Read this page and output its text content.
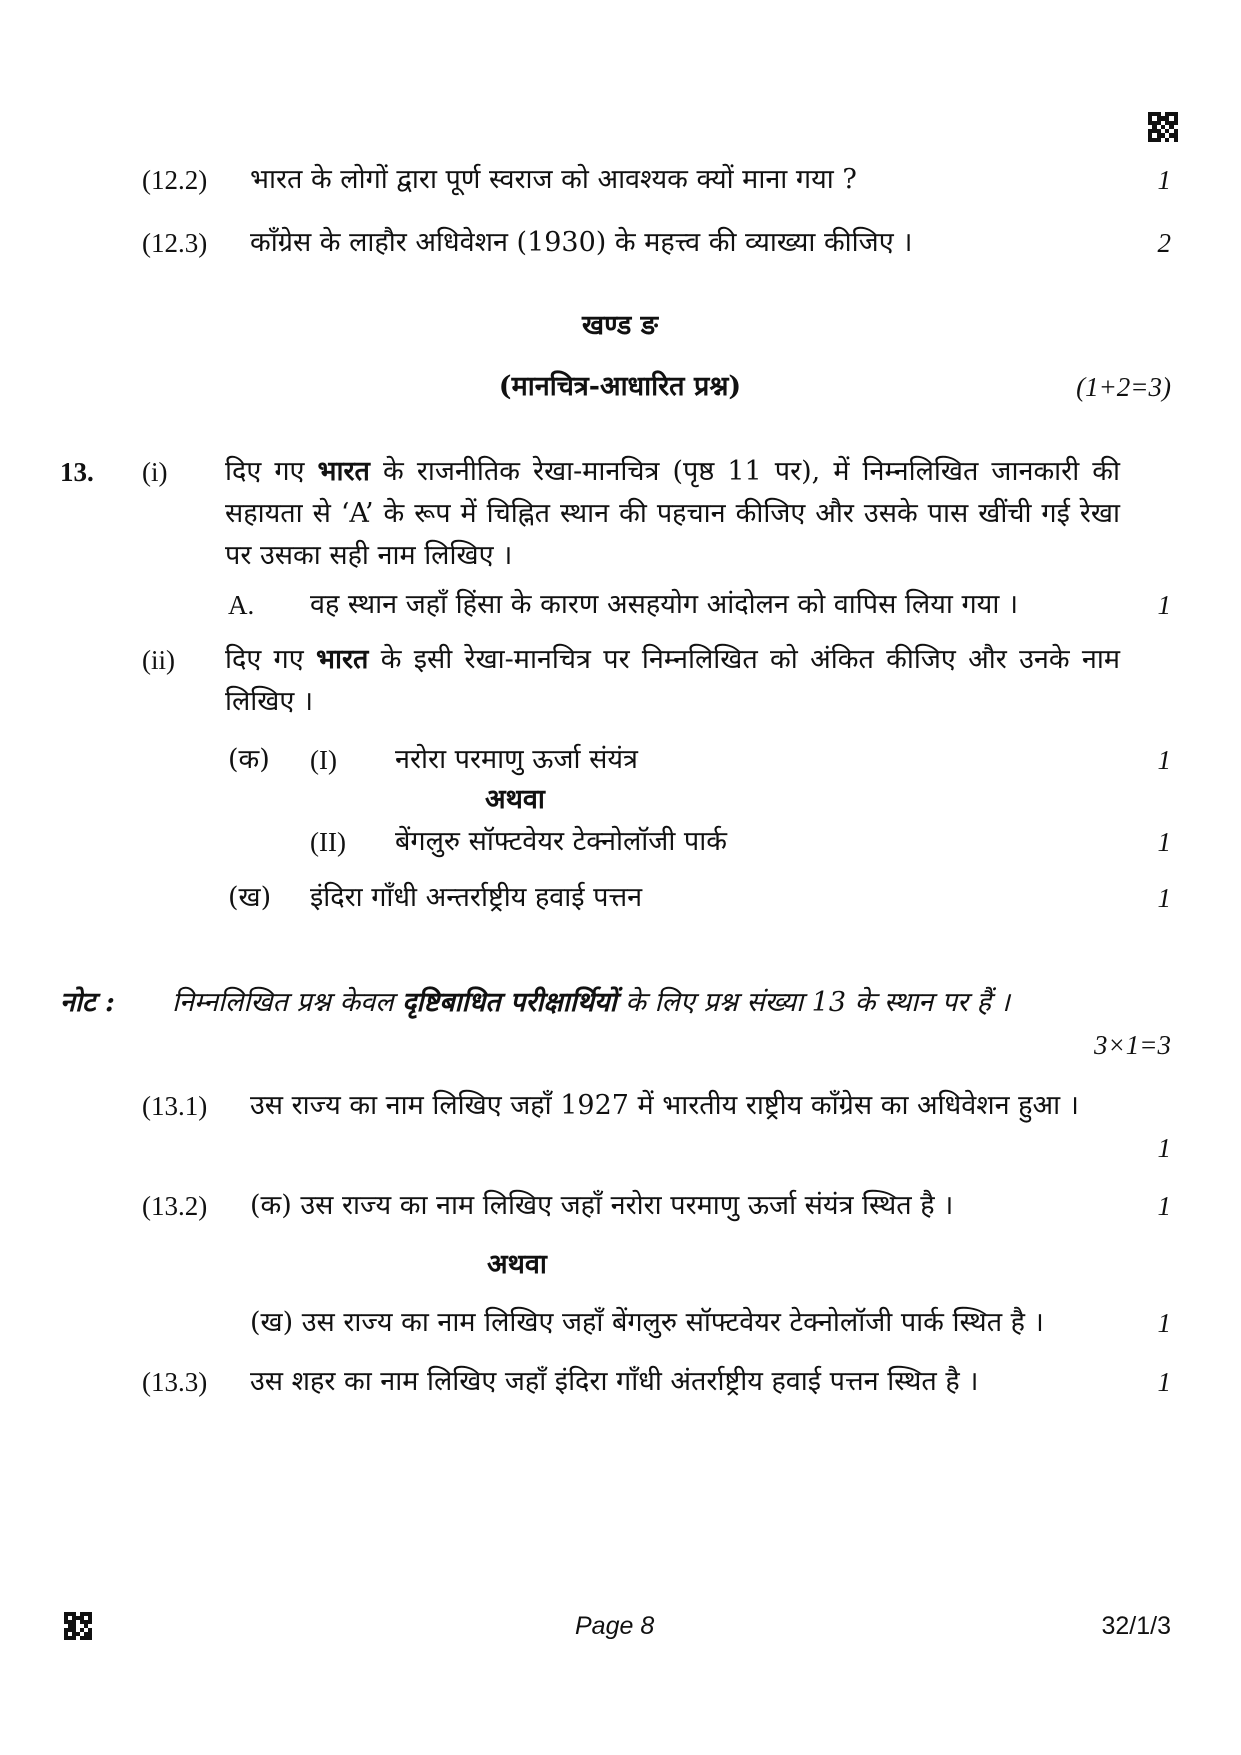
(12.2) भारत के लोगों द्वारा पूर्ण स्वराज को आवश्यक क्यों माना गया ?	1
(12.3) काँग्रेस के लाहौर अधिवेशन (1930) के महत्त्व की व्याख्या कीजिए ।	2
खण्ड ङ
(मानचित्र-आधारित प्रश्न)	(1+2=3)
13. (i) दिए गए भारत के राजनीतिक रेखा-मानचित्र (पृष्ठ 11 पर), में निम्नलिखित जानकारी की सहायता से ‘A’ के रूप में चिह्नित स्थान की पहचान कीजिए और उसके पास खींची गई रेखा पर उसका सही नाम लिखिए ।
A. वह स्थान जहाँ हिंसा के कारण असहयोग आंदोलन को वापिस लिया गया ।	1
(ii) दिए गए भारत के इसी रेखा-मानचित्र पर निम्नलिखित को अंकित कीजिए और उनके नाम लिखिए ।
(क) (I) नरोरा परमाणु ऊर्जा संयंत्र	1
अथवा
(II) बेंगलुरु सॉफ्टवेयर टेक्नोलॉजी पार्क	1
(ख) इंदिरा गाँधी अन्तर्राष्ट्रीय हवाई पत्तन	1
नोट : निम्नलिखित प्रश्न केवल दृष्टिबाधित परीक्षार्थियों के लिए प्रश्न संख्या 13 के स्थान पर हैं ।
3×1=3
(13.1) उस राज्य का नाम लिखिए जहाँ 1927 में भारतीय राष्ट्रीय काँग्रेस का अधिवेशन हुआ ।
1
(13.2) (क) उस राज्य का नाम लिखिए जहाँ नरोरा परमाणु ऊर्जा संयंत्र स्थित है ।	1
अथवा
(ख) उस राज्य का नाम लिखिए जहाँ बेंगलुरु सॉफ्टवेयर टेक्नोलॉजी पार्क स्थित है ।	1
(13.3) उस शहर का नाम लिखिए जहाँ इंदिरा गाँधी अंतर्राष्ट्रीय हवाई पत्तन स्थित है ।	1
Page 8	32/1/3
